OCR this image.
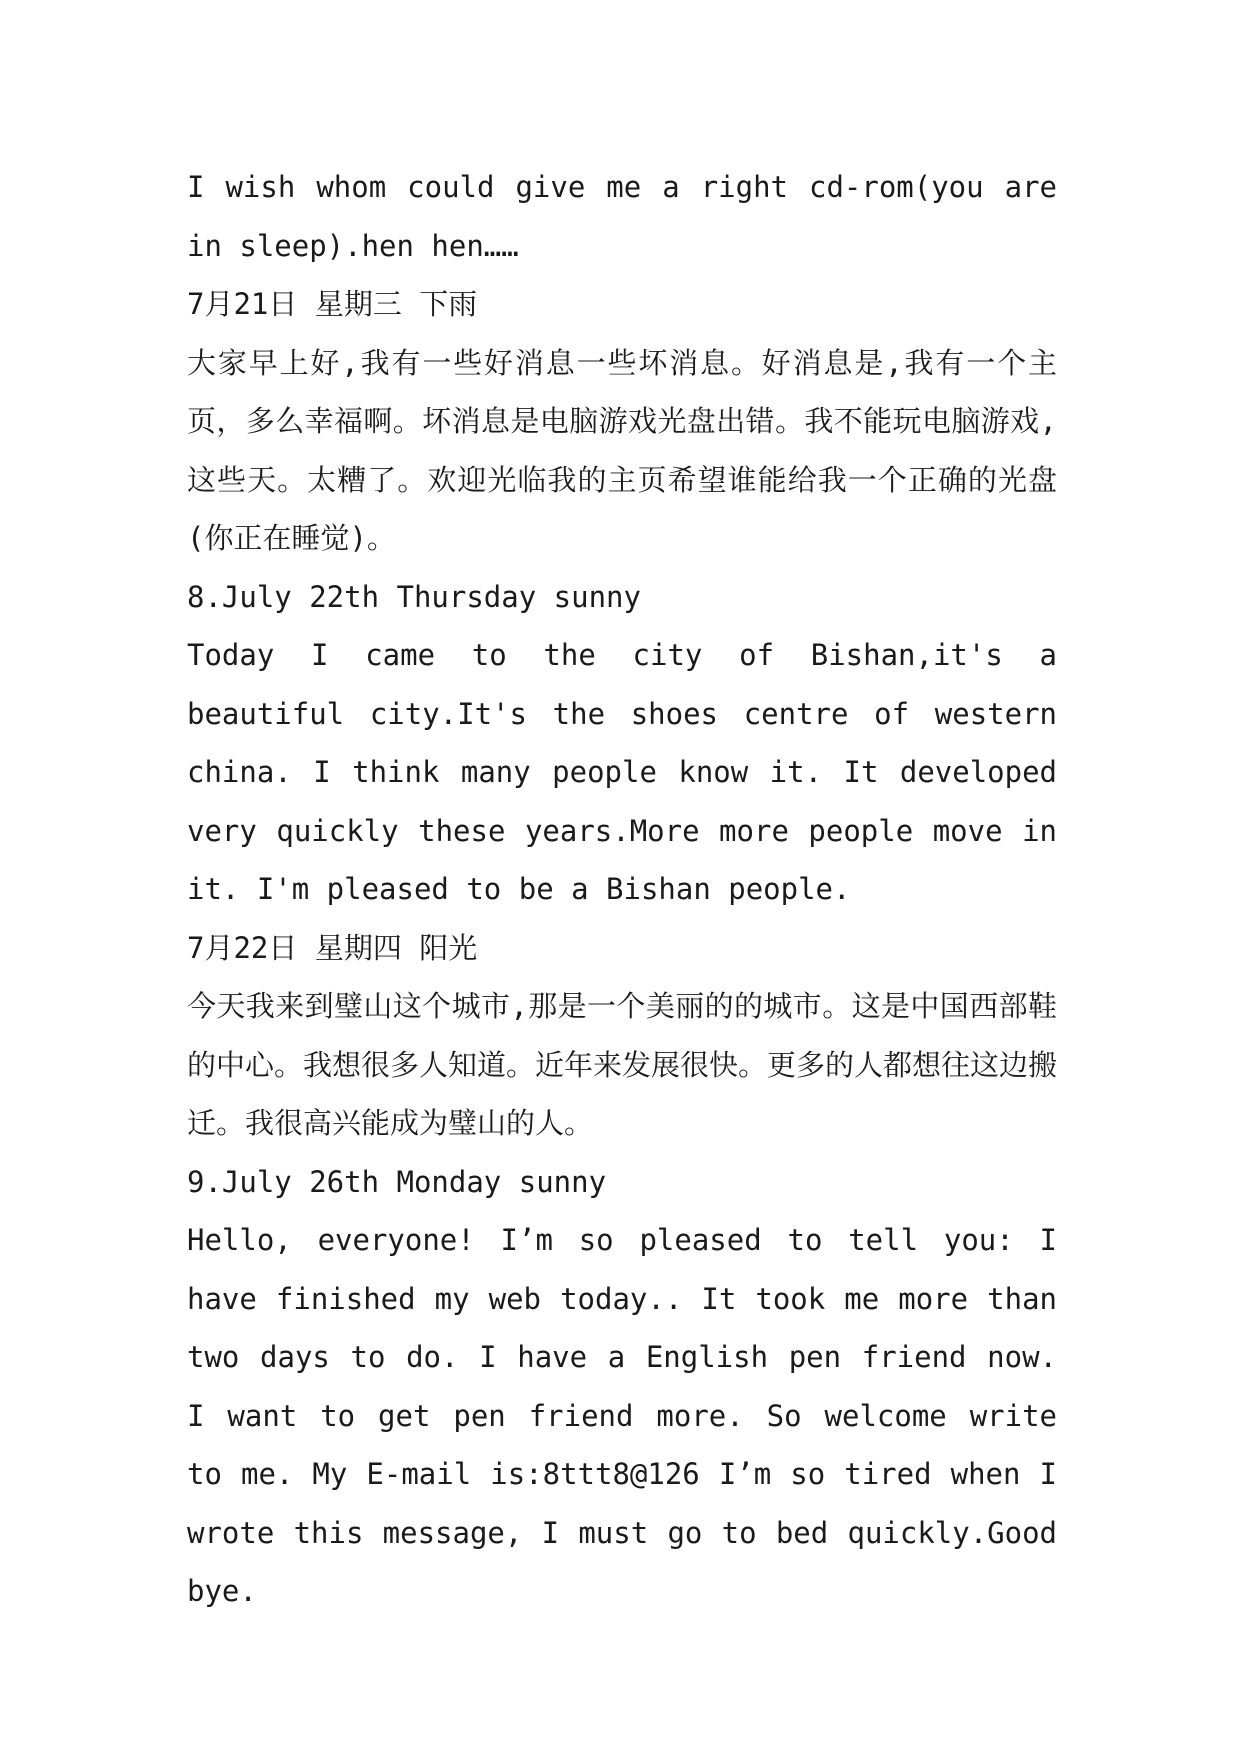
I wish whom could give me a right cd-rom(you are in sleep).hen hen……

7月21日 星期三 下雨

大家早上好,我有一些好消息一些坏消息。好消息是,我有一个主页，多么幸福啊。坏消息是电脑游戏光盘出错。我不能玩电脑游戏,这些天。太糟了。欢迎光临我的主页希望谁能给我一个正确的光盘(你正在睡觉)。

8.July 22th Thursday sunny

Today I came to the city of Bishan,it's a beautiful city.It's the shoes centre of western china. I think many people know it. It developed very quickly these years.More more people move in it. I'm pleased to be a Bishan people.

7月22日 星期四 阳光

今天我来到璧山这个城市,那是一个美丽的的城市。这是中国西部鞋的中心。我想很多人知道。近年来发展很快。更多的人都想往这边搬迁。我很高兴能成为璧山的人。

9.July 26th Monday sunny

Hello, everyone! I’m so pleased to tell you: I have finished my web today.. It took me more than two days to do. I have a English pen friend now. I want to get pen friend more. So welcome write to me. My E-mail is:8ttt8@126 I’m so tired when I wrote this message, I must go to bed quickly.Good bye.
